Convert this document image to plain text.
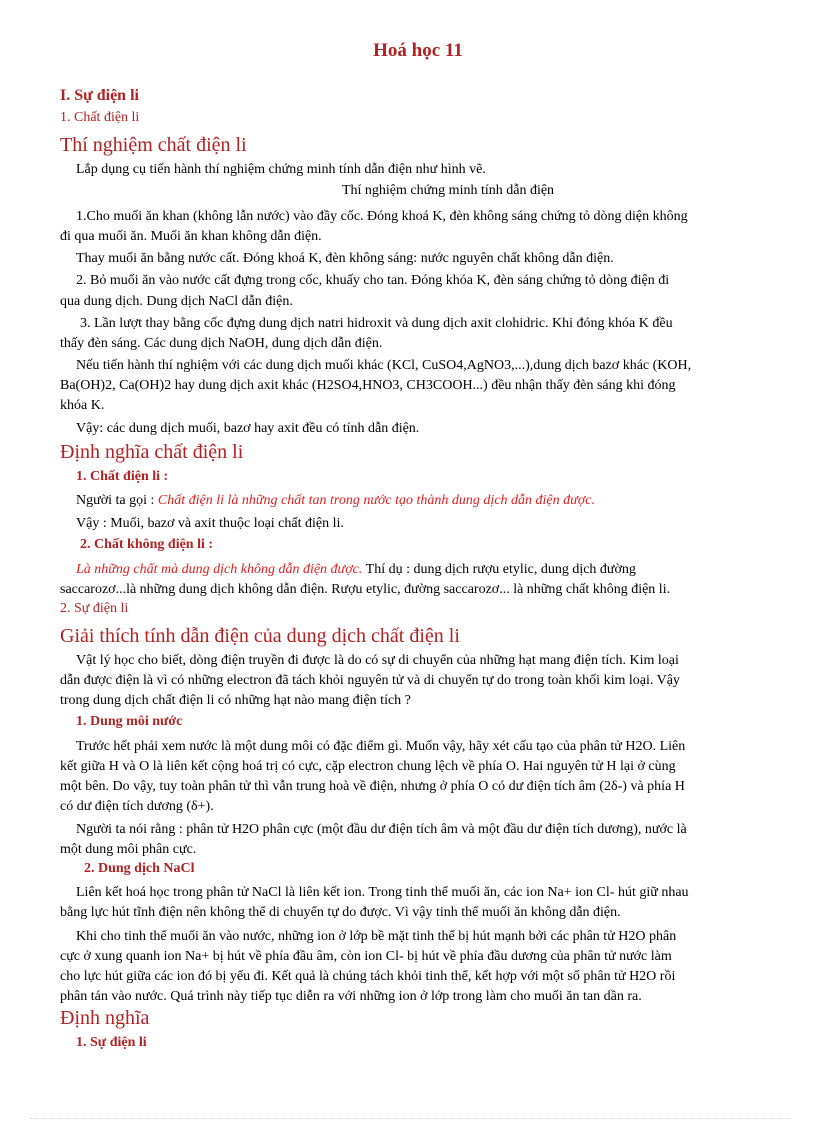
Hoá học 11
I. Sự điện li
1. Chất điện li
Thí nghiệm chất điện li
Lắp dụng cụ tiến hành thí nghiệm chứng minh tính dẫn điện như hình vẽ.
Thí nghiệm chứng minh tính dẫn điện
1.Cho muối ăn khan (không lẫn nước) vào đầy cốc. Đóng khoá K, đèn không sáng chứng tỏ dòng diện không
đi qua muối ăn. Muối ăn khan không dẫn điện.
Thay muối ăn bằng nước cất. Đóng khoá K, đèn không sáng: nước nguyên chất không dẫn điện.
2. Bỏ muối ăn vào nước cất đựng trong cốc, khuấy cho tan. Đóng khóa K, đèn sáng chứng tỏ dòng điện đi
qua dung dịch. Dung dịch NaCl dẫn điện.
3. Lần lượt thay bằng cốc đựng dung dịch natri hidroxit và dung dịch axit clohidric. Khi đóng khóa K đều
thấy đèn sáng. Các dung dịch NaOH, dung dịch dẫn điện.
Nếu tiến hành thí nghiệm với các dung dịch muối khác (KCl, CuSO4,AgNO3,...),dung dịch bazơ khác (KOH,
Ba(OH)2, Ca(OH)2 hay dung dịch axit khác (H2SO4,HNO3, CH3COOH...) đều nhận thấy đèn sáng khi đóng
khóa K.
Vậy: các dung dịch muối, bazơ hay axit đều có tính dẫn điện.
Định nghĩa chất điện li
1. Chất điện li :
Người ta gọi : Chất điện li là những chất tan trong nước tạo thành dung dịch dẫn điện được.
Vậy : Muối, bazơ và axit thuộc loại chất điện li.
2. Chất không điện li :
Là những chất mà dung dịch không dẫn điện được. Thí dụ : dung dịch rượu etylic, dung dịch đường
saccarozơ...là những dung dịch không dẫn điện. Rượu etylic, đường saccarozơ... là những chất không điện li.
2. Sự điện li
Giải thích tính dẫn điện của dung dịch chất điện li
Vật lý học cho biết, dòng điện truyền đi được là do có sự di chuyển của những hạt mang điện tích. Kim loại
dẫn được điện là vì có những electron đã tách khỏi nguyên tử và di chuyển tự do trong toàn khối kim loại. Vậy
trong dung dịch chất điện li có những hạt nào mang điện tích ?
1. Dung môi nước
Trước hết phải xem nước là một dung môi có đặc điểm gì. Muốn vậy, hãy xét cấu tạo của phân tử H2O. Liên
kết giữa H và O là liên kết cộng hoá trị có cực, cặp electron chung lệch về phía O. Hai nguyên tử H lại ở cùng
một bên. Do vậy, tuy toàn phân tử thì vẫn trung hoà về điện, nhưng ở phía O có dư điện tích âm (2δ-) và phía H
có dư điện tích dương (δ+).
Người ta nói rằng : phân tử H2O phân cực (một đầu dư điện tích âm và một đầu dư điện tích dương), nước là
một dung môi phân cực.
2. Dung dịch NaCl
Liên kết hoá học trong phân tử NaCl là liên kết ion. Trong tinh thể muối ăn, các ion Na+ ion Cl- hút giữ nhau
bằng lực hút tĩnh điện nên không thể di chuyển tự do được. Vì vậy tinh thể muối ăn không dẫn điện.
Khi cho tinh thể muối ăn vào nước, những ion ở lớp bề mặt tinh thể bị hút mạnh bởi các phân tử H2O phân
cực ở xung quanh ion Na+ bị hút về phía đầu âm, còn ion Cl- bị hút về phía đầu dương của phân tử nước làm
cho lực hút giữa các ion đó bị yếu đi. Kết quả là chúng tách khỏi tinh thể, kết hợp với một số phân tử H2O rồi
phân tán vào nước. Quá trình này tiếp tục diễn ra với những ion ở lớp trong làm cho muối ăn tan dần ra.
Định nghĩa
1. Sự điện li
